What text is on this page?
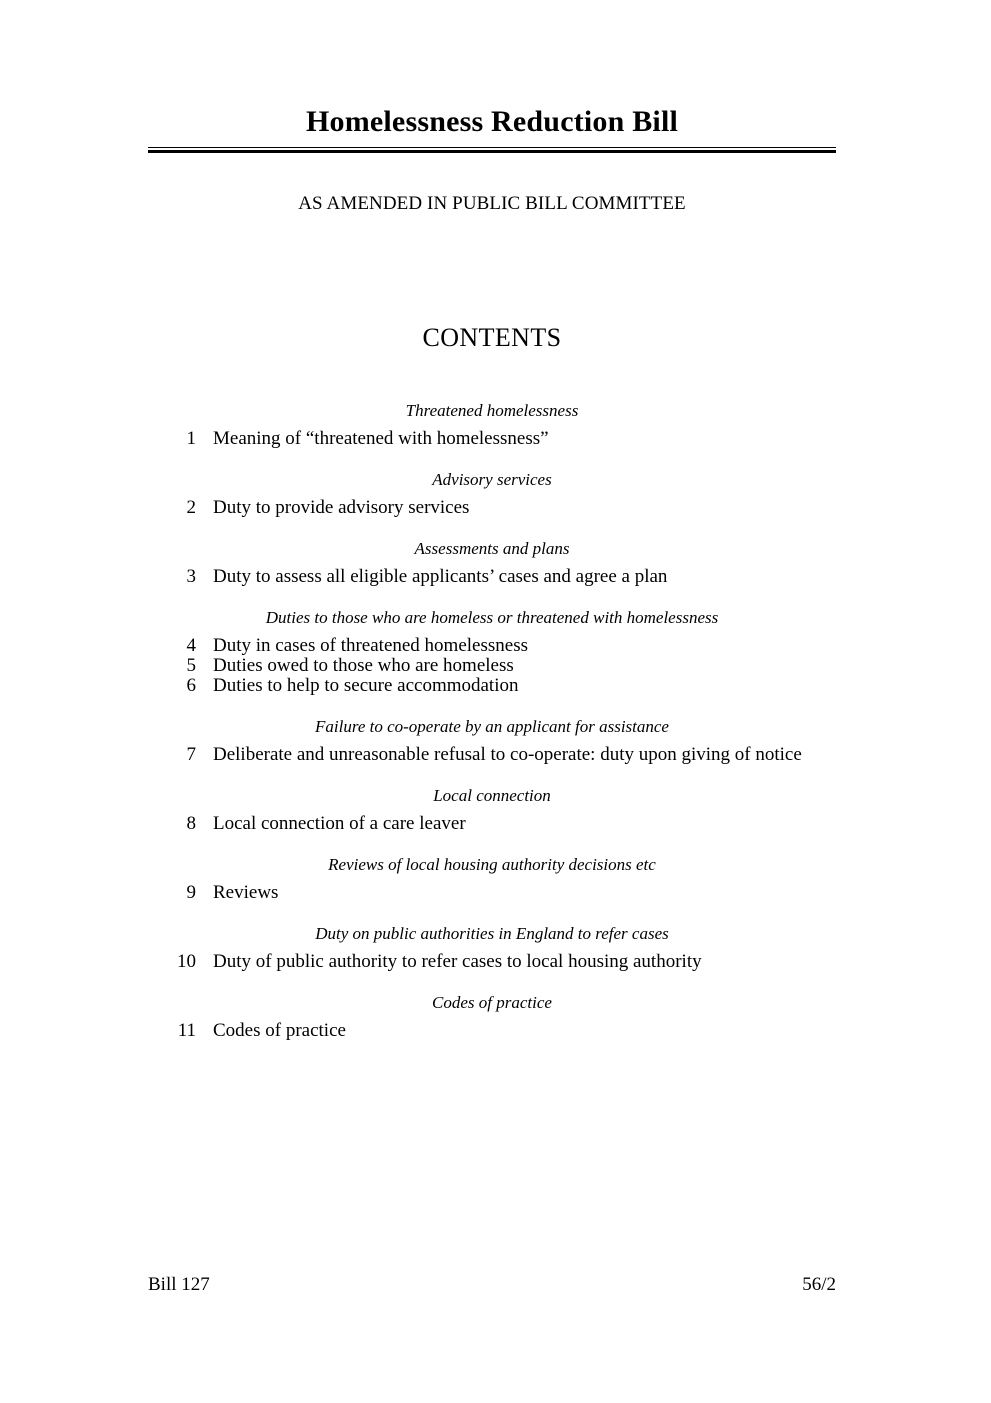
Homelessness Reduction Bill
AS AMENDED IN PUBLIC BILL COMMITTEE
CONTENTS
Threatened homelessness
1 Meaning of “threatened with homelessness”
Advisory services
2 Duty to provide advisory services
Assessments and plans
3 Duty to assess all eligible applicants’ cases and agree a plan
Duties to those who are homeless or threatened with homelessness
4 Duty in cases of threatened homelessness
5 Duties owed to those who are homeless
6 Duties to help to secure accommodation
Failure to co-operate by an applicant for assistance
7 Deliberate and unreasonable refusal to co-operate: duty upon giving of notice
Local connection
8 Local connection of a care leaver
Reviews of local housing authority decisions etc
9 Reviews
Duty on public authorities in England to refer cases
10 Duty of public authority to refer cases to local housing authority
Codes of practice
11 Codes of practice
Bill 127	56/2
